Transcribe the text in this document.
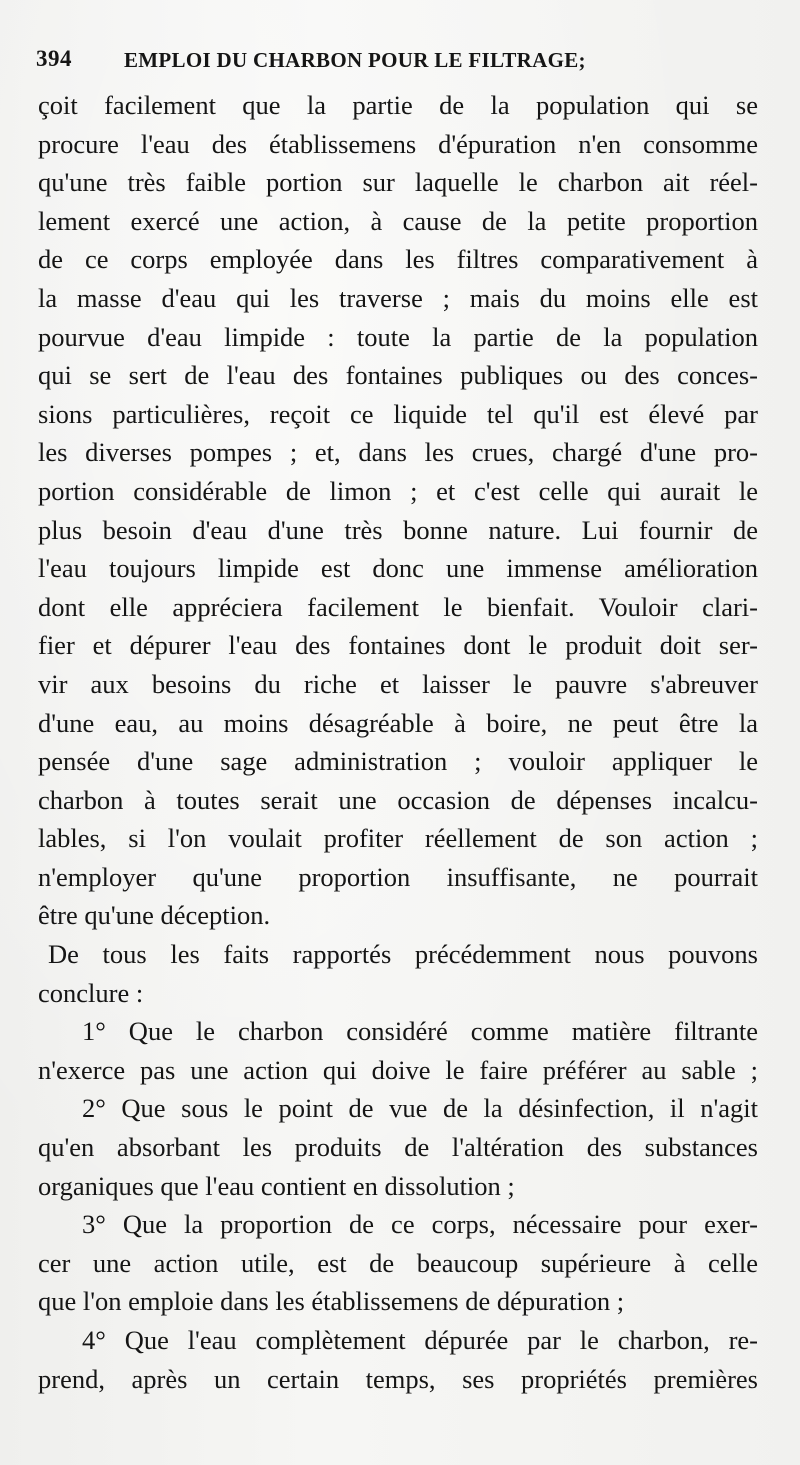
394 EMPLOI DU CHARBON POUR LE FILTRAGE;
çoit facilement que la partie de la population qui se
procure l'eau des établissemens d'épuration n'en consomme
qu'une très faible portion sur laquelle le charbon ait réel-
lement exercé une action, à cause de la petite proportion
de ce corps employée dans les filtres comparativement à
la masse d'eau qui les traverse ; mais du moins elle est
pourvue d'eau limpide : toute la partie de la population
qui se sert de l'eau des fontaines publiques ou des conces-
sions particulières, reçoit ce liquide tel qu'il est élevé par
les diverses pompes ; et, dans les crues, chargé d'une pro-
portion considérable de limon ; et c'est celle qui aurait le
plus besoin d'eau d'une très bonne nature. Lui fournir de
l'eau toujours limpide est donc une immense amélioration
dont elle appréciera facilement le bienfait. Vouloir clari-
fier et dépurer l'eau des fontaines dont le produit doit ser-
vir aux besoins du riche et laisser le pauvre s'abreuver
d'une eau, au moins désagréable à boire, ne peut être la
pensée d'une sage administration ; vouloir appliquer le
charbon à toutes serait une occasion de dépenses incalcu-
lables, si l'on voulait profiter réellement de son action ;
n'employer qu'une proportion insuffisante, ne pourrait
être qu'une déception.
De tous les faits rapportés précédemment nous pouvons
conclure :
1° Que le charbon considéré comme matière filtrante
n'exerce pas une action qui doive le faire préférer au sable ;
2° Que sous le point de vue de la désinfection, il n'agit
qu'en absorbant les produits de l'altération des substances
organiques que l'eau contient en dissolution ;
3° Que la proportion de ce corps, nécessaire pour exer-
cer une action utile, est de beaucoup supérieure à celle
que l'on emploie dans les établissemens de dépuration ;
4° Que l'eau complètement dépurée par le charbon, re-
prend, après un certain temps, ses propriétés premières
